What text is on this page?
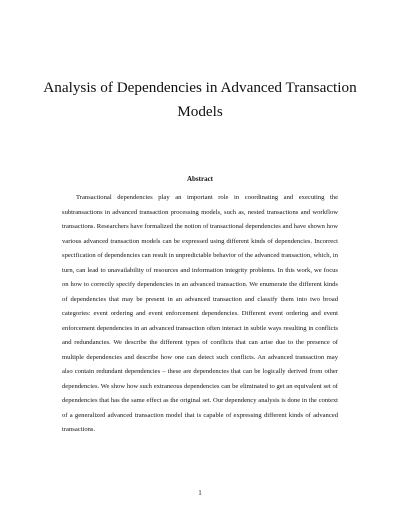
Analysis of Dependencies in Advanced Transaction Models
Abstract

Transactional dependencies play an important role in coordinating and executing the subtransactions in advanced transaction processing models, such as, nested transactions and workflow transactions. Researchers have formalized the notion of transactional dependencies and have shown how various advanced transaction models can be expressed using different kinds of dependencies. Incorrect specification of dependencies can result in unpredictable behavior of the advanced transaction, which, in turn, can lead to unavailability of resources and information integrity problems. In this work, we focus on how to correctly specify dependencies in an advanced transaction. We enumerate the different kinds of dependencies that may be present in an advanced transaction and classify them into two broad categories: event ordering and event enforcement dependencies. Different event ordering and event enforcement dependencies in an advanced transaction often interact in subtle ways resulting in conflicts and redundancies. We describe the different types of conflicts that can arise due to the presence of multiple dependencies and describe how one can detect such conflicts. An advanced transaction may also contain redundant dependencies – these are dependencies that can be logically derived from other dependencies. We show how such extraneous dependencies can be eliminated to get an equivalent set of dependencies that has the same effect as the original set. Our dependency analysis is done in the context of a generalized advanced transaction model that is capable of expressing different kinds of advanced transactions.

1
